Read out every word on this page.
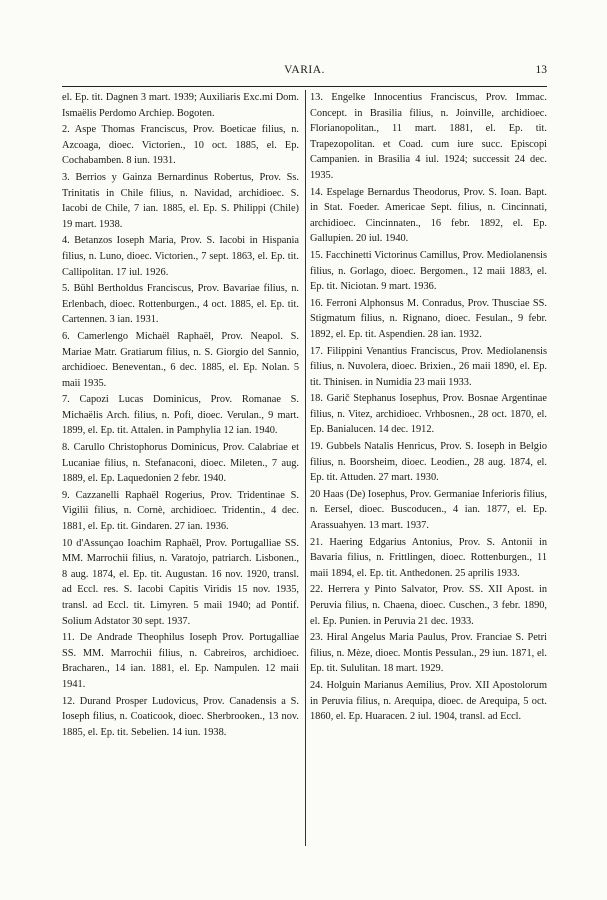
VARIA.	13

el. Ep. tit. Dagnen 3 mart. 1939; Auxiliaris Exc.mi Dom. Ismaëlis Perdomo Archiep. Bogoten.

2. Aspe Thomas Franciscus, Prov. Boeticae filius, n. Azcoaga, dioec. Victorien., 10 oct. 1885, el. Ep. Cochabamben. 8 iun. 1931.

3. Berrios y Gainza Bernardinus Robertus, Prov. Ss. Trinitatis in Chile filius, n. Navidad, archidioec. S. Iacobi de Chile, 7 ian. 1885, el. Ep. S. Philippi (Chile) 19 mart. 1938.

4. Betanzos Ioseph Maria, Prov. S. Iacobi in Hispania filius, n. Luno, dioec. Victorien., 7 sept. 1863, el. Ep. tit. Callipolitan. 17 iul. 1926.

5. Bühl Bertholdus Franciscus, Prov. Bavariae filius, n. Erlenbach, dioec. Rottenburgen., 4 oct. 1885, el. Ep. tit. Cartennen. 3 ian. 1931.

6. Camerlengo Michaël Raphaël, Prov. Neapol. S. Mariae Matr. Gratiarum filius, n. S. Giorgio del Sannio, archidioec. Beneventan., 6 dec. 1885, el. Ep. Nolan. 5 maii 1935.

7. Capozi Lucas Dominicus, Prov. Romanae S. Michaëlis Arch. filius, n. Pofi, dioec. Verulan., 9 mart. 1899, el. Ep. tit. Attalen. in Pamphylia 12 ian. 1940.

8. Carullo Christophorus Dominicus, Prov. Calabriae et Lucaniae filius, n. Stefanaconi, dioec. Mileten., 7 aug. 1889, el. Ep. Laquedonien 2 febr. 1940.

9. Cazzanelli Raphaël Rogerius, Prov. Tridentinae S. Vigilii filius, n. Cornè, archidioec. Tridentin., 4 dec. 1881, el. Ep. tit. Gindaren. 27 ian. 1936.

10 d'Assunçao Ioachim Raphaël, Prov. Portugalliae SS. MM. Marrochii filius, n. Varatojo, patriarch. Lisbonen., 8 aug. 1874, el. Ep. tit. Augustan. 16 nov. 1920, transl. ad Eccl. res. S. Iacobi Capitis Viridis 15 nov. 1935, transl. ad Eccl. tit. Limyren. 5 maii 1940; ad Pontif. Solium Adstator 30 sept. 1937.

11. De Andrade Theophilus Ioseph Prov. Portugalliae SS. MM. Marrochii filius, n. Cabreiros, archidioec. Bracharen., 14 ian. 1881, el. Ep. Nampulen. 12 maii 1941.

12. Durand Prosper Ludovicus, Prov. Canadensis a S. Ioseph filius, n. Coaticook, dioec. Sherbrooken., 13 nov. 1885, el. Ep. tit. Sebelien. 14 iun. 1938.

13. Engelke Innocentius Franciscus, Prov. Immac. Concept. in Brasilia filius, n. Joinville, archidioec. Florianopolitan., 11 mart. 1881, el. Ep. tit. Trapezopolitan. et Coad. cum iure succ. Episcopi Campanien. in Brasilia 4 iul. 1924; successit 24 dec. 1935.

14. Espelage Bernardus Theodorus, Prov. S. Ioan. Bapt. in Stat. Foeder. Americae Sept. filius, n. Cincinnati, archidioec. Cincinnaten., 16 febr. 1892, el. Ep. Gallupien. 20 iul. 1940.

15. Facchinetti Victorinus Camillus, Prov. Mediolanensis filius, n. Gorlago, dioec. Bergomen., 12 maii 1883, el. Ep. tit. Niciotan. 9 mart. 1936.

16. Ferroni Alphonsus M. Conradus, Prov. Thusciae SS. Stigmatum filius, n. Rignano, dioec. Fesulan., 9 febr. 1892, el. Ep. tit. Aspendien. 28 ian. 1932.

17. Filippini Venantius Franciscus, Prov. Mediolanensis filius, n. Nuvolera, dioec. Brixien., 26 maii 1890, el. Ep. tit. Thinisen. in Numidia 23 maii 1933.

18. Garič Stephanus Iosephus, Prov. Bosnae Argentinae filius, n. Vitez, archidioec. Vrhbosnen., 28 oct. 1870, el. Ep. Banialucen. 14 dec. 1912.

19. Gubbels Natalis Henricus, Prov. S. Ioseph in Belgio filius, n. Boorsheim, dioec. Leodien., 28 aug. 1874, el. Ep. tit. Attuden. 27 mart. 1930.

20 Haas (De) Iosephus, Prov. Germaniae Inferioris filius, n. Eersel, dioec. Buscoducen., 4 ian. 1877, el. Ep. Arassuahyen. 13 mart. 1937.

21. Haering Edgarius Antonius, Prov. S. Antonii in Bavaria filius, n. Frittlingen, dioec. Rottenburgen., 11 maii 1894, el. Ep. tit. Anthedonen. 25 aprilis 1933.

22. Herrera y Pinto Salvator, Prov. SS. XII Apost. in Peruvia filius, n. Chaena, dioec. Cuschen., 3 febr. 1890, el. Ep. Punien. in Peruvia 21 dec. 1933.

23. Hiral Angelus Maria Paulus, Prov. Franciae S. Petri filius, n. Mèze, dioec. Montis Pessulan., 29 iun. 1871, el. Ep. tit. Sululitan. 18 mart. 1929.

24. Holguin Marianus Aemilius, Prov. XII Apostolorum in Peruvia filius, n. Arequipa, dioec. de Arequipa, 5 oct. 1860, el. Ep. Huaracen. 2 iul. 1904, transl. ad Eccl.
